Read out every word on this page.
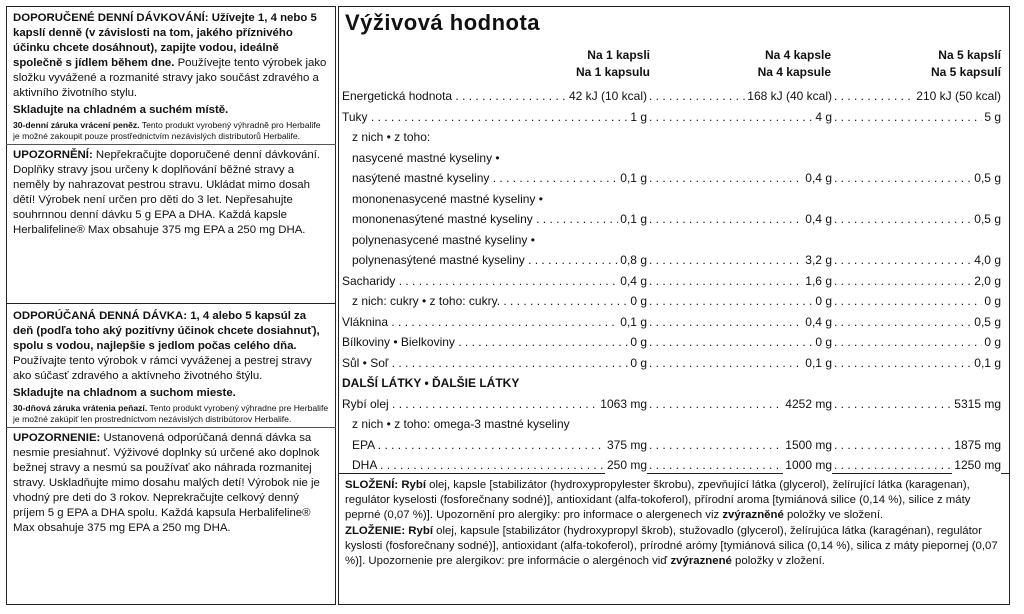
DOPORUČENÉ DENNÍ DÁVKOVÁNÍ: Užívejte 1, 4 nebo 5 kapslí denně (v závislosti na tom, jakého příznivého účinku chcete dosáhnout), zapijte vodou, ideálně společně s jídlem během dne. Používejte tento výrobek jako složku vyvážené a rozmanité stravy jako součást zdravého a aktivního životního stylu.

Skladujte na chladném a suchém místě.

30-denní záruka vrácení peněz. Tento produkt vyrobený výhradně pro Herbalife je možné zakoupit pouze prostřednictvím nezávislých distributorů Herbalife.

UPOZORNĚNÍ: Nepřekračujte doporučené denní dávkování. Doplňky stravy jsou určeny k doplňování běžné stravy a neměly by nahrazovat pestrou stravu. Ukládat mimo dosah dětí! Výrobek není určen pro děti do 3 let. Nepřesahujte souhrnnou denní dávku 5 g EPA a DHA. Každá kapsle Herbalifeline® Max obsahuje 375 mg EPA a 250 mg DHA.

ODPORÚČANÁ DENNÁ DÁVKA: 1, 4 alebo 5 kapsúl za deň (podľa toho aký pozitívny účinok chcete dosiahnuť), spolu s vodou, najlepšie s jedlom počas celého dňa. Používajte tento výrobok v rámci vyváženej a pestrej stravy ako súčasť zdravého a aktívneho životného štýlu.

Skladujte na chladnom a suchom mieste.

30-dňová záruka vrátenia peňazí. Tento produkt vyrobený výhradne pre Herbalife je možné zakúpiť len prostredníctvom nezávislých distribútorov Herbalife.

UPOZORNENIE: Ustanovená odporúčaná denná dávka sa nesmie presiahnuť. Výživové doplnky sú určené ako doplnok bežnej stravy a nesmú sa používať ako náhrada rozmanitej stravy. Uskladňujte mimo dosahu malých detí! Výrobok nie je vhodný pre deti do 3 rokov. Neprekračujte celkový denný príjem 5 g EPA a DHA spolu. Každá kapsula Herbalifeline® Max obsahuje 375 mg EPA a 250 mg DHA.

Výživová hodnota
Na 1 kapsli
Na 1 kapsulu
Na 4 kapsle
Na 4 kapsule
Na 5 kapslí
Na 5 kapsulí
Energetická hodnota . . . . . . . . .	42 kJ (10 kcal)	168 kJ (40 kcal)	210 kJ (50 kcal)
Tuky . . . . . . . . .	1 g	4 g	5 g
z nich • z toho:
nasycené mastné kyseliny •
nasýtené mastné kyseliny . . . . . . . . .	0,1 g	0,4 g	0,5 g
mononenasycené mastné kyseliny •
mononenasýtené mastné kyseliny . . . . . . . . .	0,1 g	0,4 g	0,5 g
polynenasycené mastné kyseliny •
polynenasýtené mastné kyseliny . . . . . . . . .	0,8 g	3,2 g	4,0 g
Sacharidy . . . . . . . . .	0,4 g	1,6 g	2,0 g
z nich: cukry • z toho: cukry. . . . . . . . . .	0 g	0 g	0 g
Vláknina . . . . . . . . .	0,1 g	0,4 g	0,5 g
Bílkoviny • Bielkoviny . . . . . . . . .	0 g	0 g	0 g
Sůl • Soľ . . . . . . . . .	0 g	0,1 g	0,1 g
DALŠÍ LÁTKY • ĎALŠIE LÁTKY
Rybí olej . . . . . . . . .	1063 mg	4252 mg	5315 mg
z nich • z toho: omega-3 mastné kyseliny
EPA . . . . . . . . .	375 mg	1500 mg	1875 mg
DHA . . . . . . . . .	250 mg	1000 mg	1250 mg

SLOŽENÍ: Rybí olej, kapsle [stabilizátor (hydroxypropylester škrobu), zpevňující látka (glycerol), želírující látka (karagenan), regulátor kyselosti (fosforečnany sodné)], antioxidant (alfa-tokoferol), přírodní aroma [tymiánová silice (0,14 %), silice z máty peprné (0,07 %)]. Upozornění pro alergiky: pro informace o alergenech viz zvýrazněné položky ve složení.

ZLOŽENIE: Rybí olej, kapsule [stabilizátor (hydroxypropyl škrob), stužovadlo (glycerol), želírujúca látka (karagénan), regulátor kyslosti (fosforečnany sodné)], antioxidant (alfa-tokoferol), prírodné arómy [tymiánová silica (0,14 %), silica z máty piepornej (0,07 %)]. Upozornenie pre alergikov: pre informácie o alergénoch viď zvýraznené položky v zložení.
